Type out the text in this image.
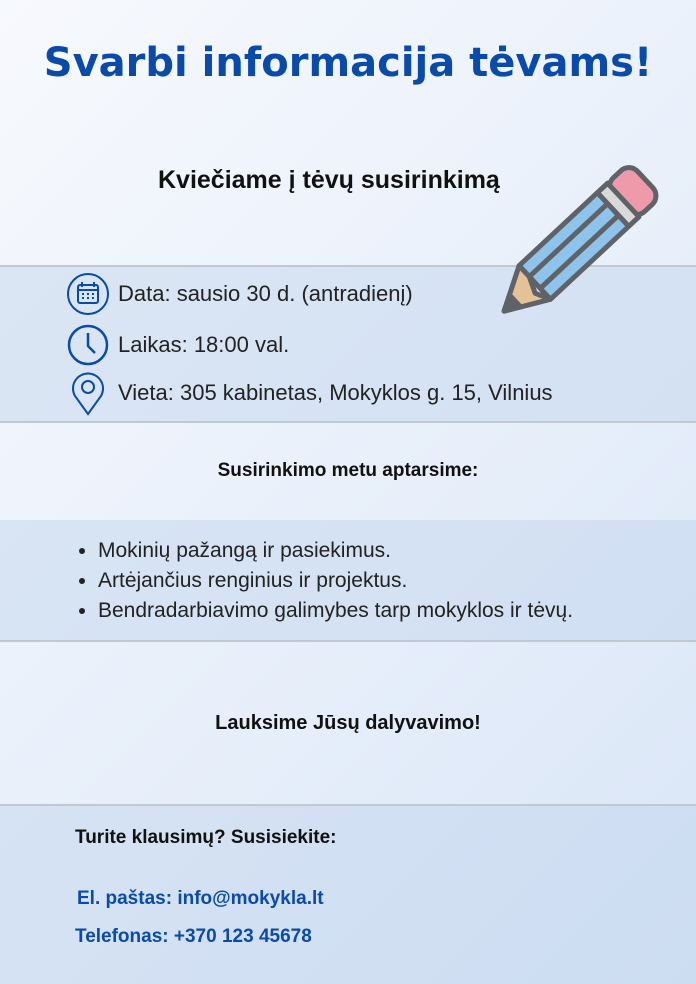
Svarbi informacija tėvams!
Kviečiame į tėvų susirinkimą
Data: sausio 30 d. (antradienį)
Laikas: 18:00 val.
Vieta: 305 kabinetas, Mokyklos g. 15, Vilnius
Susirinkimo metu aptarsime:
• Mokinių pažangą ir pasiekimus.
• Artėjančius renginius ir projektus.
• Bendradarbiavimo galimybes tarp mokyklos ir tėvų.
Lauksime Jūsų dalyvavimo!
Turite klausimų? Susisiekite:
El. paštas: info@mokykla.lt
Telefonas: +370 123 45678
